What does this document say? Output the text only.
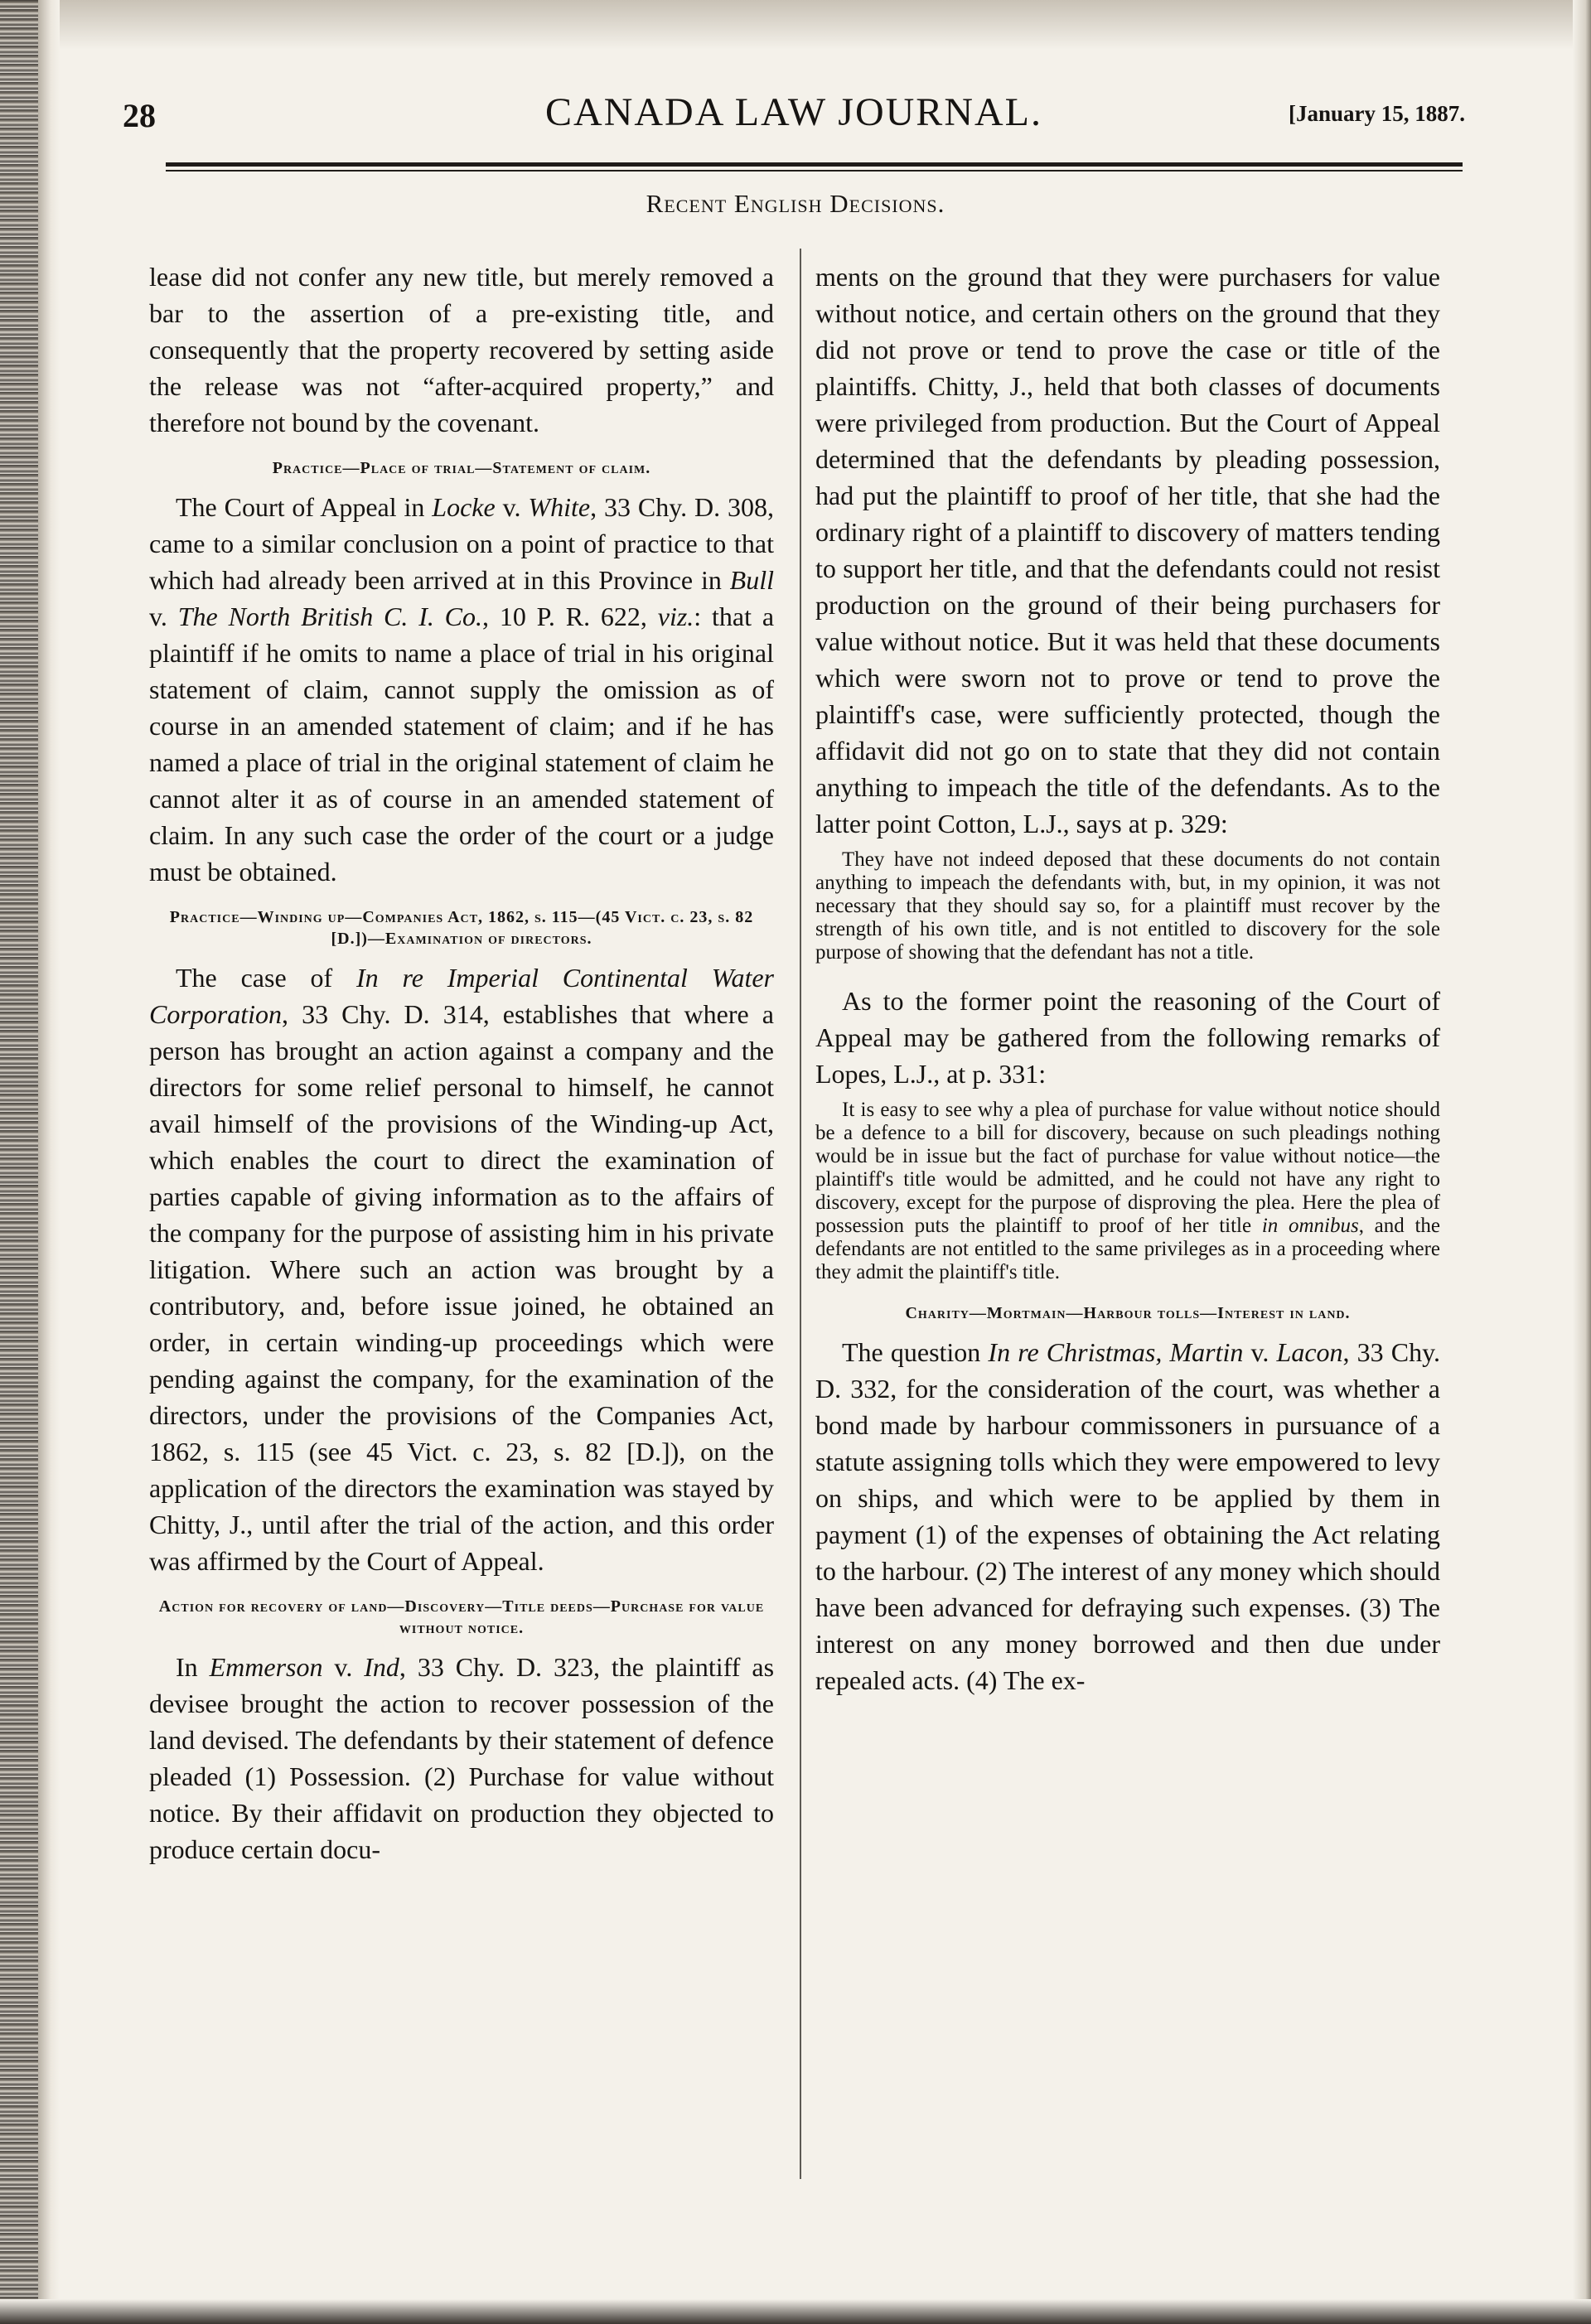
28	CANADA LAW JOURNAL.	[January 15, 1887.
Recent English Decisions.

lease did not confer any new title, but merely removed a bar to the assertion of a pre-existing title, and consequently that the property recovered by setting aside the release was not “after-acquired property,” and therefore not bound by the covenant.

Practice—Place of trial—Statement of claim.

The Court of Appeal in Locke v. White, 33 Chy. D. 308, came to a similar conclusion on a point of practice to that which had already been arrived at in this Province in Bull v. The North British C. I. Co., 10 P. R. 622, viz.: that a plaintiff if he omits to name a place of trial in his original statement of claim, cannot supply the omission as of course in an amended statement of claim; and if he has named a place of trial in the original statement of claim he cannot alter it as of course in an amended statement of claim. In any such case the order of the court or a judge must be obtained.

Practice—Winding up—Companies Act, 1862, s. 115—(45 Vict. c. 23, s. 82 [D.])—Examination of directors.

The case of In re Imperial Continental Water Corporation, 33 Chy. D. 314, establishes that where a person has brought an action against a company and the directors for some relief personal to himself, he cannot avail himself of the provisions of the Winding-up Act, which enables the court to direct the examination of parties capable of giving information as to the affairs of the company for the purpose of assisting him in his private litigation. Where such an action was brought by a contributory, and, before issue joined, he obtained an order, in certain winding-up proceedings which were pending against the company, for the examination of the directors, under the provisions of the Companies Act, 1862, s. 115 (see 45 Vict. c. 23, s. 82 [D.]), on the application of the directors the examination was stayed by Chitty, J., until after the trial of the action, and this order was affirmed by the Court of Appeal.

Action for recovery of land—Discovery—Title deeds—Purchase for value without notice.

In Emmerson v. Ind, 33 Chy. D. 323, the plaintiff as devisee brought the action to recover possession of the land devised. The defendants by their statement of defence pleaded (1) Possession. (2) Purchase for value without notice. By their affidavit on production they objected to produce certain docu-

ments on the ground that they were purchasers for value without notice, and certain others on the ground that they did not prove or tend to prove the case or title of the plaintiffs. Chitty, J., held that both classes of documents were privileged from production. But the Court of Appeal determined that the defendants by pleading possession, had put the plaintiff to proof of her title, that she had the ordinary right of a plaintiff to discovery of matters tending to support her title, and that the defendants could not resist production on the ground of their being purchasers for value without notice. But it was held that these documents which were sworn not to prove or tend to prove the plaintiff's case, were sufficiently protected, though the affidavit did not go on to state that they did not contain anything to impeach the title of the defendants. As to the latter point Cotton, L.J., says at p. 329:

They have not indeed deposed that these documents do not contain anything to impeach the defendants with, but, in my opinion, it was not necessary that they should say so, for a plaintiff must recover by the strength of his own title, and is not entitled to discovery for the sole purpose of showing that the defendant has not a title.

As to the former point the reasoning of the Court of Appeal may be gathered from the following remarks of Lopes, L.J., at p. 331:

It is easy to see why a plea of purchase for value without notice should be a defence to a bill for discovery, because on such pleadings nothing would be in issue but the fact of purchase for value without notice—the plaintiff's title would be admitted, and he could not have any right to discovery, except for the purpose of disproving the plea. Here the plea of possession puts the plaintiff to proof of her title in omnibus, and the defendants are not entitled to the same privileges as in a proceeding where they admit the plaintiff's title.

Charity—Mortmain—Harbour tolls—Interest in land.

The question In re Christmas, Martin v. Lacon, 33 Chy. D. 332, for the consideration of the court, was whether a bond made by harbour commissoners in pursuance of a statute assigning tolls which they were empowered to levy on ships, and which were to be applied by them in payment (1) of the expenses of obtaining the Act relating to the harbour. (2) The interest of any money which should have been advanced for defraying such expenses. (3) The interest on any money borrowed and then due under repealed acts. (4) The ex-
